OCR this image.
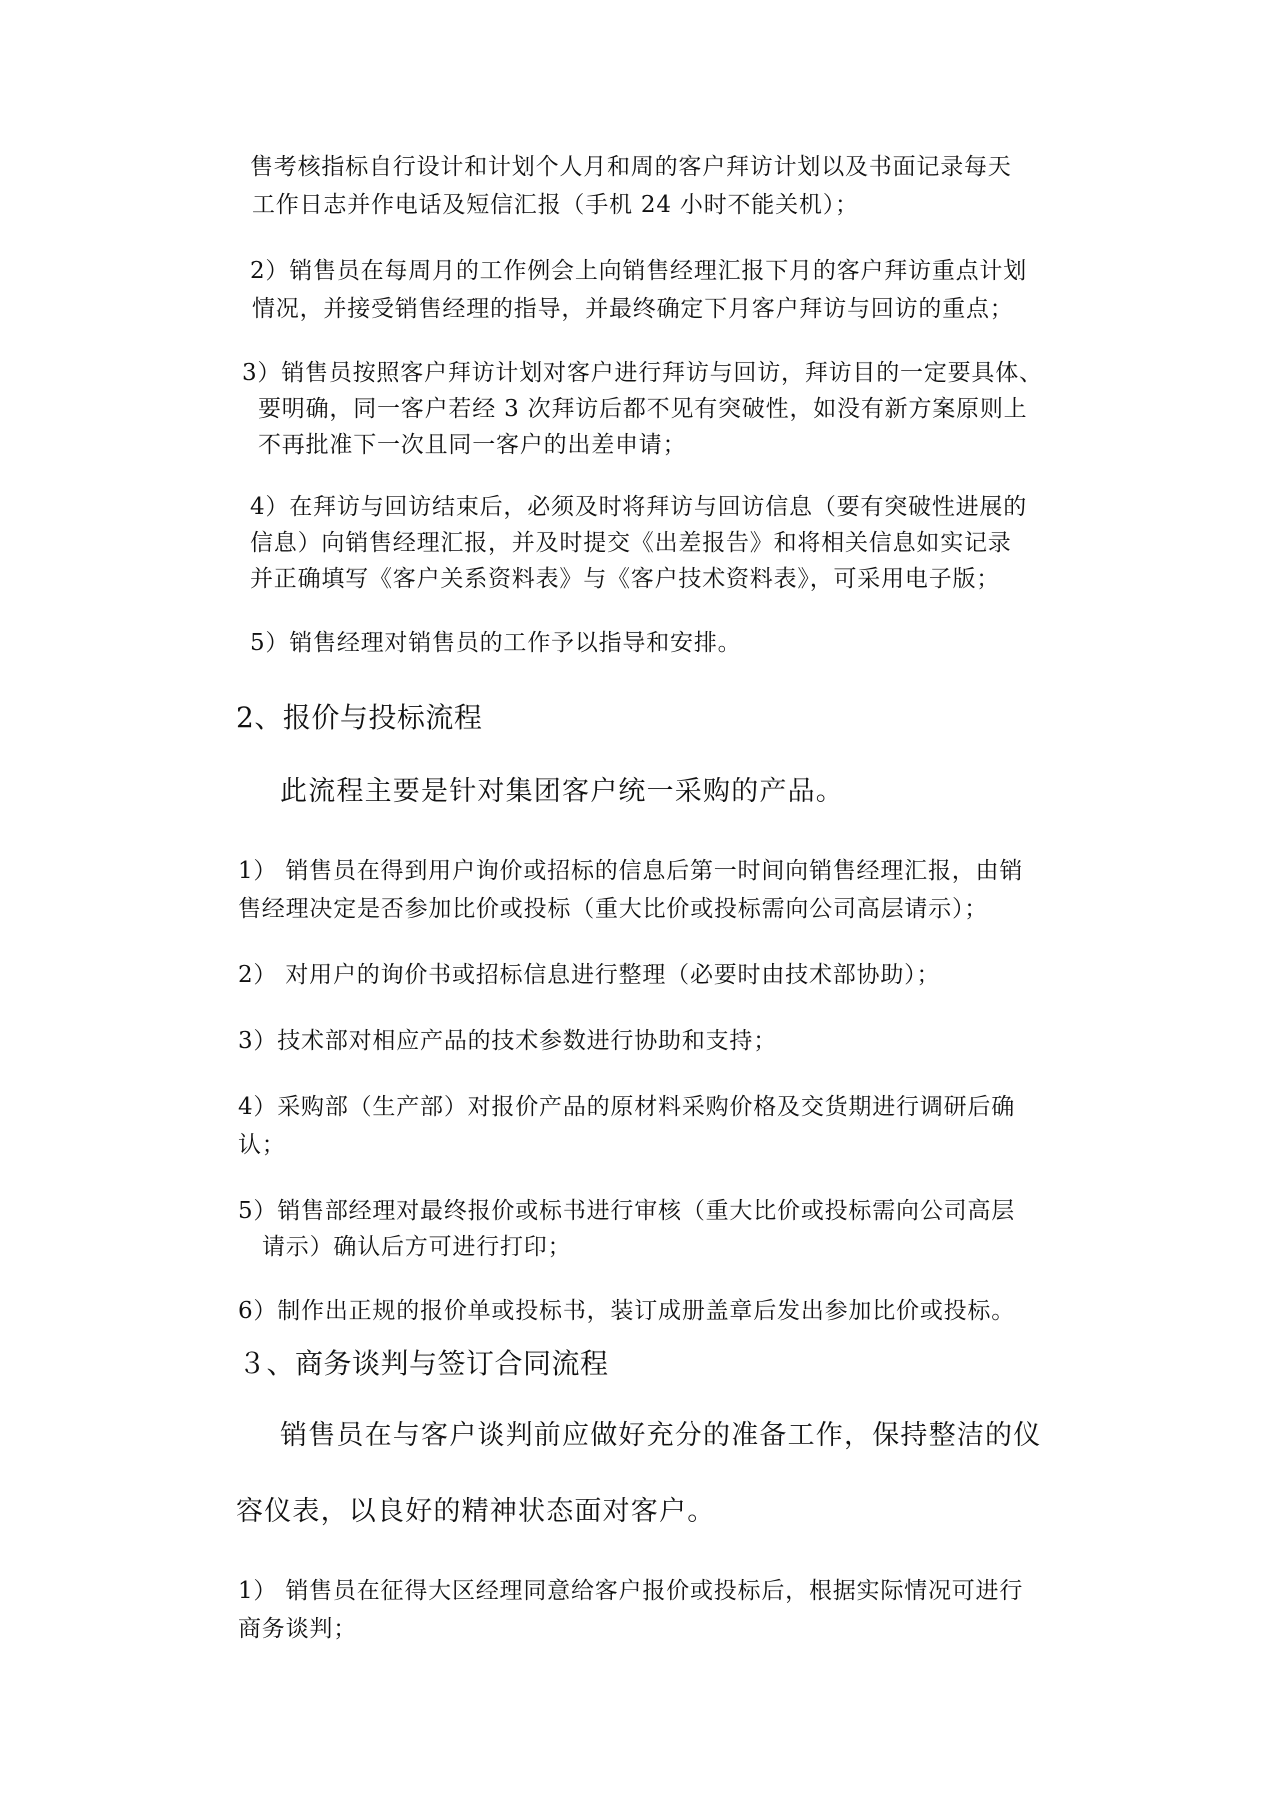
售考核指标自行设计和计划个人月和周的客户拜访计划以及书面记录每天
工作日志并作电话及短信汇报（手机 24 小时不能关机）；
2）销售员在每周月的工作例会上向销售经理汇报下月的客户拜访重点计划
情况，并接受销售经理的指导，并最终确定下月客户拜访与回访的重点；
3）销售员按照客户拜访计划对客户进行拜访与回访，拜访目的一定要具体、
要明确，同一客户若经 3 次拜访后都不见有突破性，如没有新方案原则上
不再批准下一次且同一客户的出差申请；
4）在拜访与回访结束后，必须及时将拜访与回访信息（要有突破性进展的
信息）向销售经理汇报，并及时提交《出差报告》和将相关信息如实记录
并正确填写《客户关系资料表》与《客户技术资料表》，可采用电子版；
5）销售经理对销售员的工作予以指导和安排。
2、报价与投标流程
此流程主要是针对集团客户统一采购的产品。
1） 销售员在得到用户询价或招标的信息后第一时间向销售经理汇报，由销
售经理决定是否参加比价或投标（重大比价或投标需向公司高层请示）；
2） 对用户的询价书或招标信息进行整理（必要时由技术部协助）；
3）技术部对相应产品的技术参数进行协助和支持；
4）采购部（生产部）对报价产品的原材料采购价格及交货期进行调研后确
认；
5）销售部经理对最终报价或标书进行审核（重大比价或投标需向公司高层
请示）确认后方可进行打印；
6）制作出正规的报价单或投标书，装订成册盖章后发出参加比价或投标。
３、商务谈判与签订合同流程
销售员在与客户谈判前应做好充分的准备工作，保持整洁的仪
容仪表，以良好的精神状态面对客户。
1） 销售员在征得大区经理同意给客户报价或投标后，根据实际情况可进行
商务谈判；
